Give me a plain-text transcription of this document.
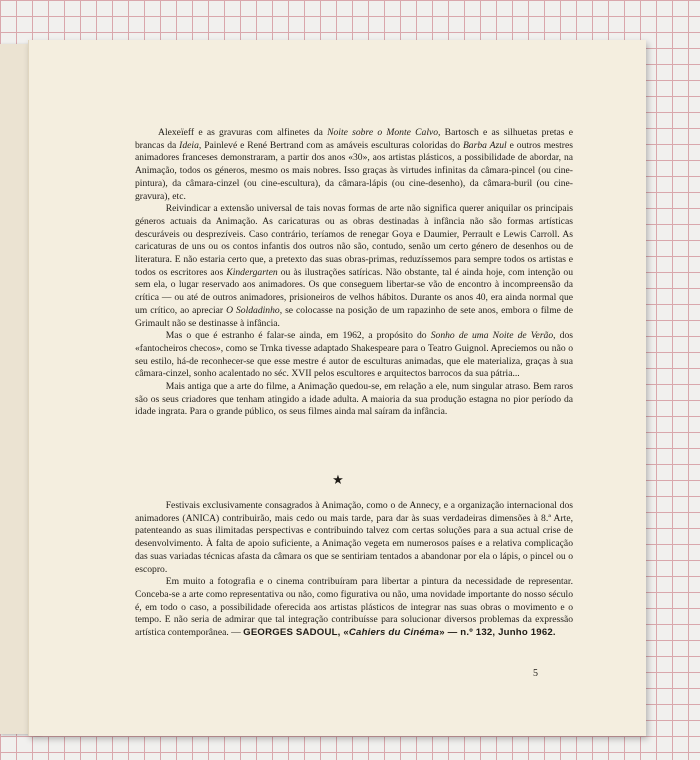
Alexeïeff e as gravuras com alfinetes da Noite sobre o Monte Calvo, Bartosch e as silhuetas pretas e brancas da Ideia, Painlevé e René Bertrand com as amáveis esculturas coloridas do Barba Azul e outros mestres animadores franceses demonstraram, a partir dos anos «30», aos artistas plásticos, a possibilidade de abordar, na Animação, todos os géneros, mesmo os mais nobres. Isso graças às virtudes infinitas da câmara-pincel (ou cine-pintura), da câmara-cinzel (ou cine-escultura), da câmara-lápis (ou cine-desenho), da câmara-buril (ou cine-gravura), etc.

Reivindicar a extensão universal de tais novas formas de arte não significa querer aniquilar os principais géneros actuais da Animação. As caricaturas ou as obras destinadas à infância não são formas artísticas descuráveis ou desprezíveis. Caso contrário, teríamos de renegar Goya e Daumier, Perrault e Lewis Carroll. As caricaturas de uns ou os contos infantis dos outros não são, contudo, senão um certo género de desenhos ou de literatura. E não estaria certo que, a pretexto das suas obras-primas, reduzíssemos para sempre todos os artistas e todos os escritores aos Kindergarten ou às ilustrações satíricas. Não obstante, tal é ainda hoje, com intenção ou sem ela, o lugar reservado aos animadores. Os que conseguem libertar-se vão de encontro à incompreensão da crítica — ou até de outros animadores, prisioneiros de velhos hábitos. Durante os anos 40, era ainda normal que um crítico, ao apreciar O Soldadinho, se colocasse na posição de um rapazinho de sete anos, embora o filme de Grimault não se destinasse à infância.

Mas o que é estranho é falar-se ainda, em 1962, a propósito do Sonho de uma Noite de Verão, dos «fantocheiros checos», como se Trnka tivesse adaptado Shakespeare para o Teatro Guignol. Apreciemos ou não o seu estilo, há-de reconhecer-se que esse mestre é autor de esculturas animadas, que ele materializa, graças à sua câmara-cinzel, sonho acalentado no séc. XVII pelos escultores e arquitectos barrocos da sua pátria...

Mais antiga que a arte do filme, a Animação quedou-se, em relação a ele, num singular atraso. Bem raros são os seus criadores que tenham atingido a idade adulta. A maioria da sua produção estagna no pior período da idade ingrata. Para o grande público, os seus filmes ainda mal saíram da infância.

★

Festivais exclusivamente consagrados à Animação, como o de Annecy, e a organização internacional dos animadores (ANICA) contribuirão, mais cedo ou mais tarde, para dar às suas verdadeiras dimensões à 8.ª Arte, patenteando as suas ilimitadas perspectivas e contribuindo talvez com certas soluções para a sua actual crise de desenvolvimento. À falta de apoio suficiente, a Animação vegeta em numerosos países e a relativa complicação das suas variadas técnicas afasta da câmara os que se sentiriam tentados a abandonar por ela o lápis, o pincel ou o escopro.

Em muito a fotografia e o cinema contribuíram para libertar a pintura da necessidade de representar. Conceba-se a arte como representativa ou não, como figurativa ou não, uma novidade importante do nosso século é, em todo o caso, a possibilidade oferecida aos artistas plásticos de integrar nas suas obras o movimento e o tempo. E não seria de admirar que tal integração contribuísse para solucionar diversos problemas da expressão artística contemporânea. — GEORGES SADOUL, «Cahiers du Cinéma» — n.º 132, Junho 1962.

5
